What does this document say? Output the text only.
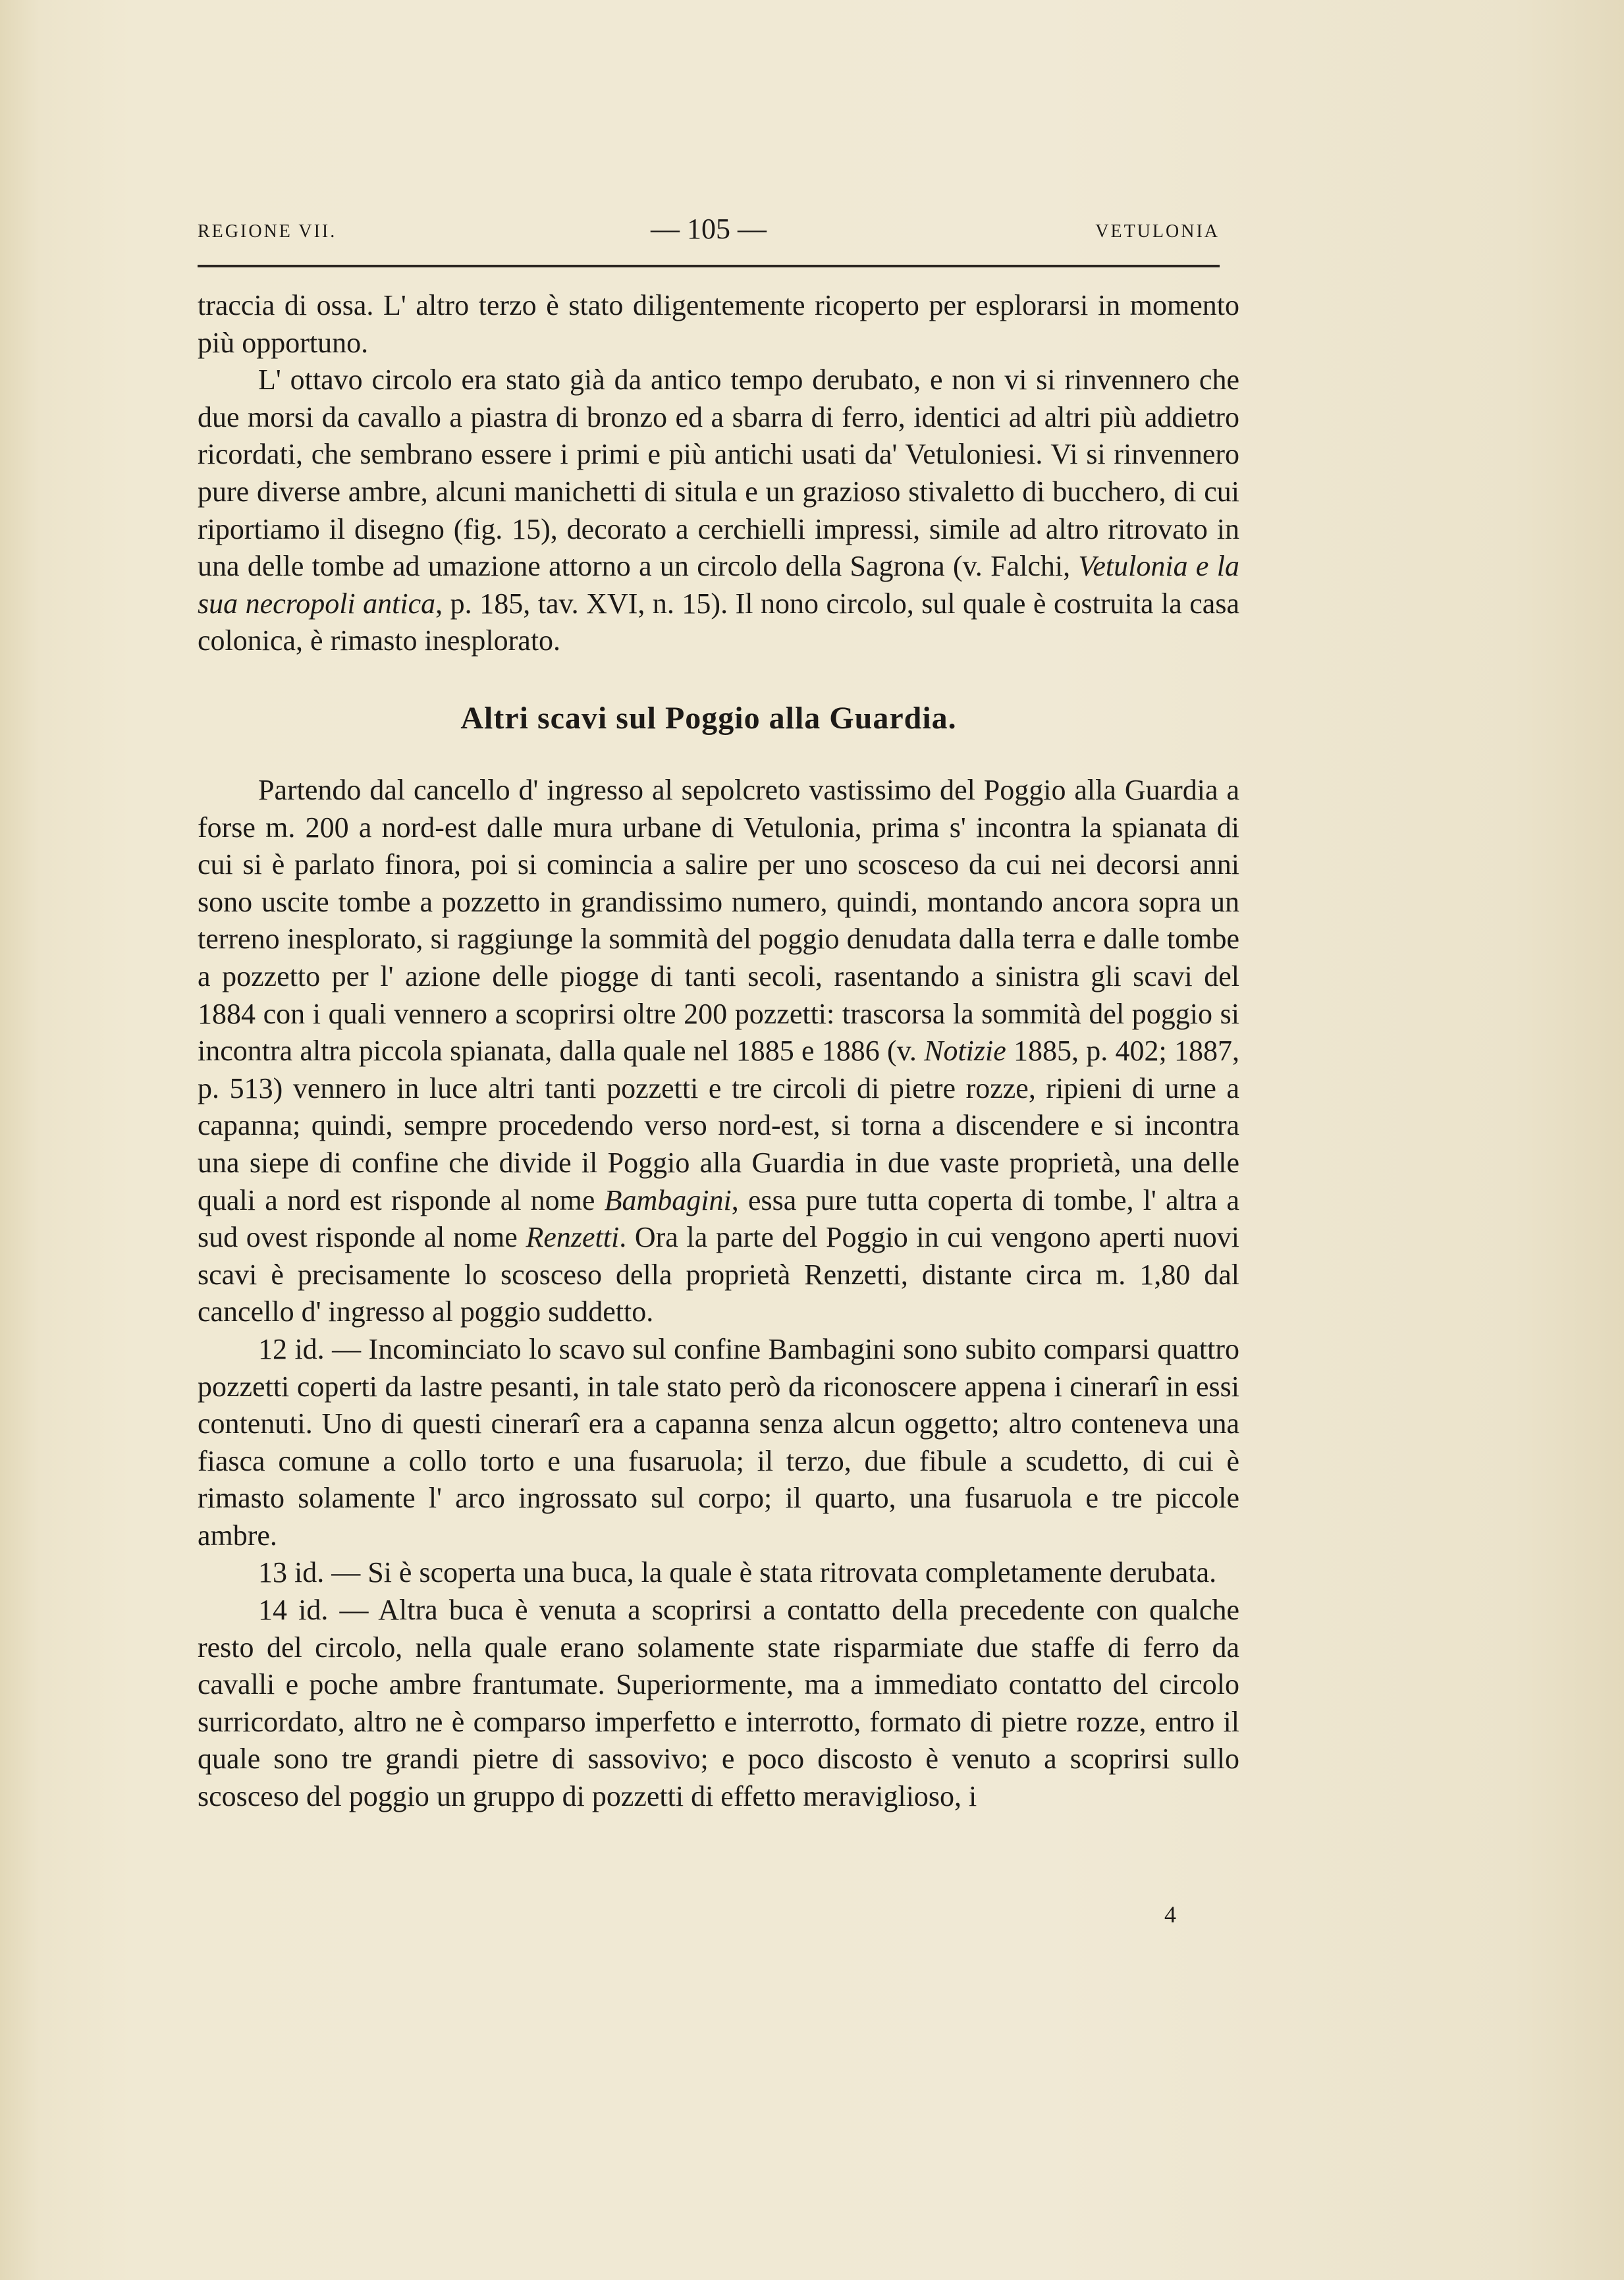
REGIONE VII.	— 105 —	VETULONIA

traccia di ossa. L' altro terzo è stato diligentemente ricoperto per esplorarsi in momento più opportuno.

L' ottavo circolo era stato già da antico tempo derubato, e non vi si rinvennero che due morsi da cavallo a piastra di bronzo ed a sbarra di ferro, identici ad altri più addietro ricordati, che sembrano essere i primi e più antichi usati da' Vetuloniesi. Vi si rinvennero pure diverse ambre, alcuni manichetti di situla e un grazioso stivaletto di bucchero, di cui riportiamo il disegno (fig. 15), decorato a cerchielli impressi, simile ad altro ritrovato in una delle tombe ad umazione attorno a un circolo della Sagrona (v. Falchi, Vetulonia e la sua necropoli antica, p. 185, tav. XVI, n. 15). Il nono circolo, sul quale è costruita la casa colonica, è rimasto inesplorato.

Altri scavi sul Poggio alla Guardia.

Partendo dal cancello d' ingresso al sepolcreto vastissimo del Poggio alla Guardia a forse m. 200 a nord-est dalle mura urbane di Vetulonia, prima s' incontra la spianata di cui si è parlato finora, poi si comincia a salire per uno scosceso da cui nei decorsi anni sono uscite tombe a pozzetto in grandissimo numero, quindi, montando ancora sopra un terreno inesplorato, si raggiunge la sommità del poggio denudata dalla terra e dalle tombe a pozzetto per l' azione delle piogge di tanti secoli, rasentando a sinistra gli scavi del 1884 con i quali vennero a scoprirsi oltre 200 pozzetti: trascorsa la sommità del poggio si incontra altra piccola spianata, dalla quale nel 1885 e 1886 (v. Notizie 1885, p. 402; 1887, p. 513) vennero in luce altri tanti pozzetti e tre circoli di pietre rozze, ripieni di urne a capanna; quindi, sempre procedendo verso nord-est, si torna a discendere e si incontra una siepe di confine che divide il Poggio alla Guardia in due vaste proprietà, una delle quali a nord est risponde al nome Bambagini, essa pure tutta coperta di tombe, l' altra a sud ovest risponde al nome Renzetti. Ora la parte del Poggio in cui vengono aperti nuovi scavi è precisamente lo scosceso della proprietà Renzetti, distante circa m. 1,80 dal cancello d' ingresso al poggio suddetto.

12 id. — Incominciato lo scavo sul confine Bambagini sono subito comparsi quattro pozzetti coperti da lastre pesanti, in tale stato però da riconoscere appena i cinerarî in essi contenuti. Uno di questi cinerarî era a capanna senza alcun oggetto; altro conteneva una fiasca comune a collo torto e una fusaruola; il terzo, due fibule a scudetto, di cui è rimasto solamente l' arco ingrossato sul corpo; il quarto, una fusaruola e tre piccole ambre.

13 id. — Si è scoperta una buca, la quale è stata ritrovata completamente derubata.

14 id. — Altra buca è venuta a scoprirsi a contatto della precedente con qualche resto del circolo, nella quale erano solamente state risparmiate due staffe di ferro da cavalli e poche ambre frantumate. Superiormente, ma a immediato contatto del circolo surricordato, altro ne è comparso imperfetto e interrotto, formato di pietre rozze, entro il quale sono tre grandi pietre di sassovivo; e poco discosto è venuto a scoprirsi sullo scosceso del poggio un gruppo di pozzetti di effetto meraviglioso, i

4
